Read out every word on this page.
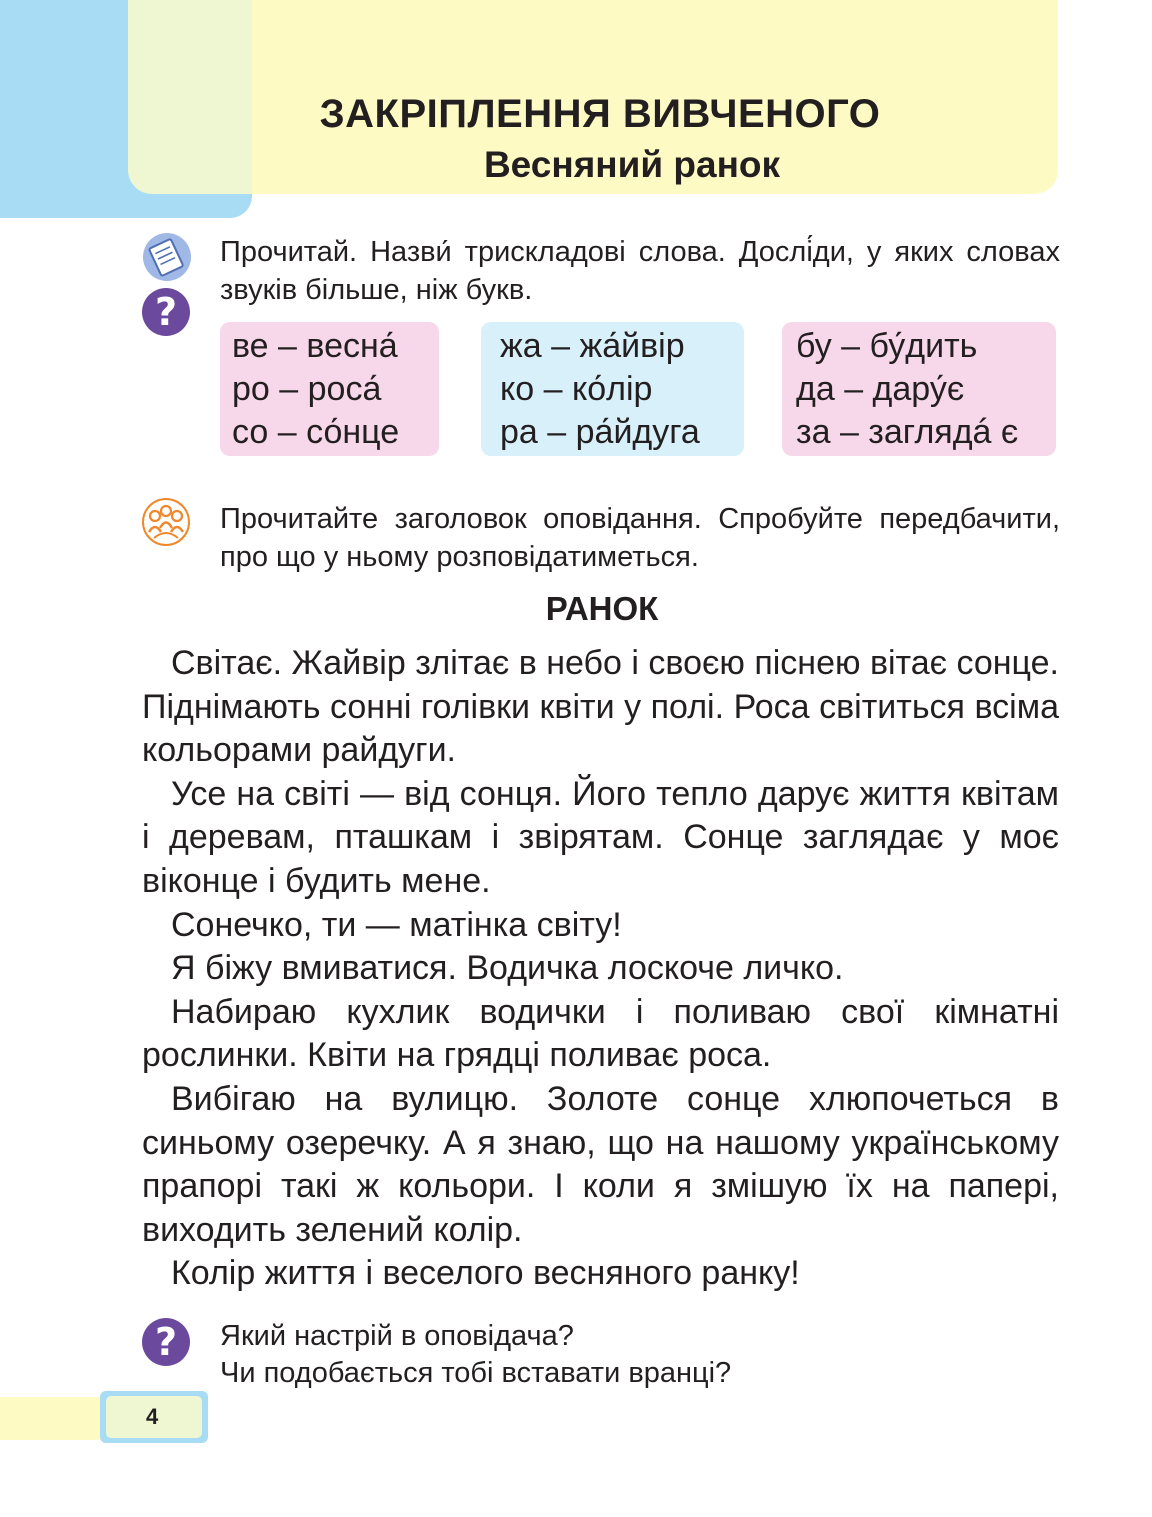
ЗАКРІПЛЕННЯ ВИВЧЕНОГО
Весняний ранок
?

Прочитай. Назви́ трискладові слова. Дослі́ди, у яких словах звуків більше, ніж букв.

ве – весна́
ро – роса́
со – со́нце
жа – жа́йвір
ко – ко́лір
ра – ра́йдуга
бу – бу́дить
да – дару́є
за – заглядá є

Прочитайте заголовок оповідання. Спробуйте передбачити, про що у ньому розповідатиметься.

РАНОК

Світає. Жайвір злітає в небо і своєю піснею вітає сонце. Піднімають сонні голівки квіти у полі. Роса світиться всіма кольорами райдуги.

Усе на світі — від сонця. Його тепло дарує життя квітам і деревам, пташкам і звірятам. Сонце заглядає у моє віконце і будить мене.

Сонечко, ти — матінка світу!

Я біжу вмиватися. Водичка лоскоче личко.

Набираю кухлик водички і поливаю свої кімнатні рослинки. Квіти на грядці поливає роса.

Вибігаю на вулицю. Золоте сонце хлюпочеться в синьому озеречку. А я знаю, що на нашому українському прапорі такі ж кольори. І коли я змішую їх на папері, виходить зелений колір.

Колір життя і веселого весняного ранку!

?	Який настрій в оповідача?
Чи подобається тобі вставати вранці?

4
